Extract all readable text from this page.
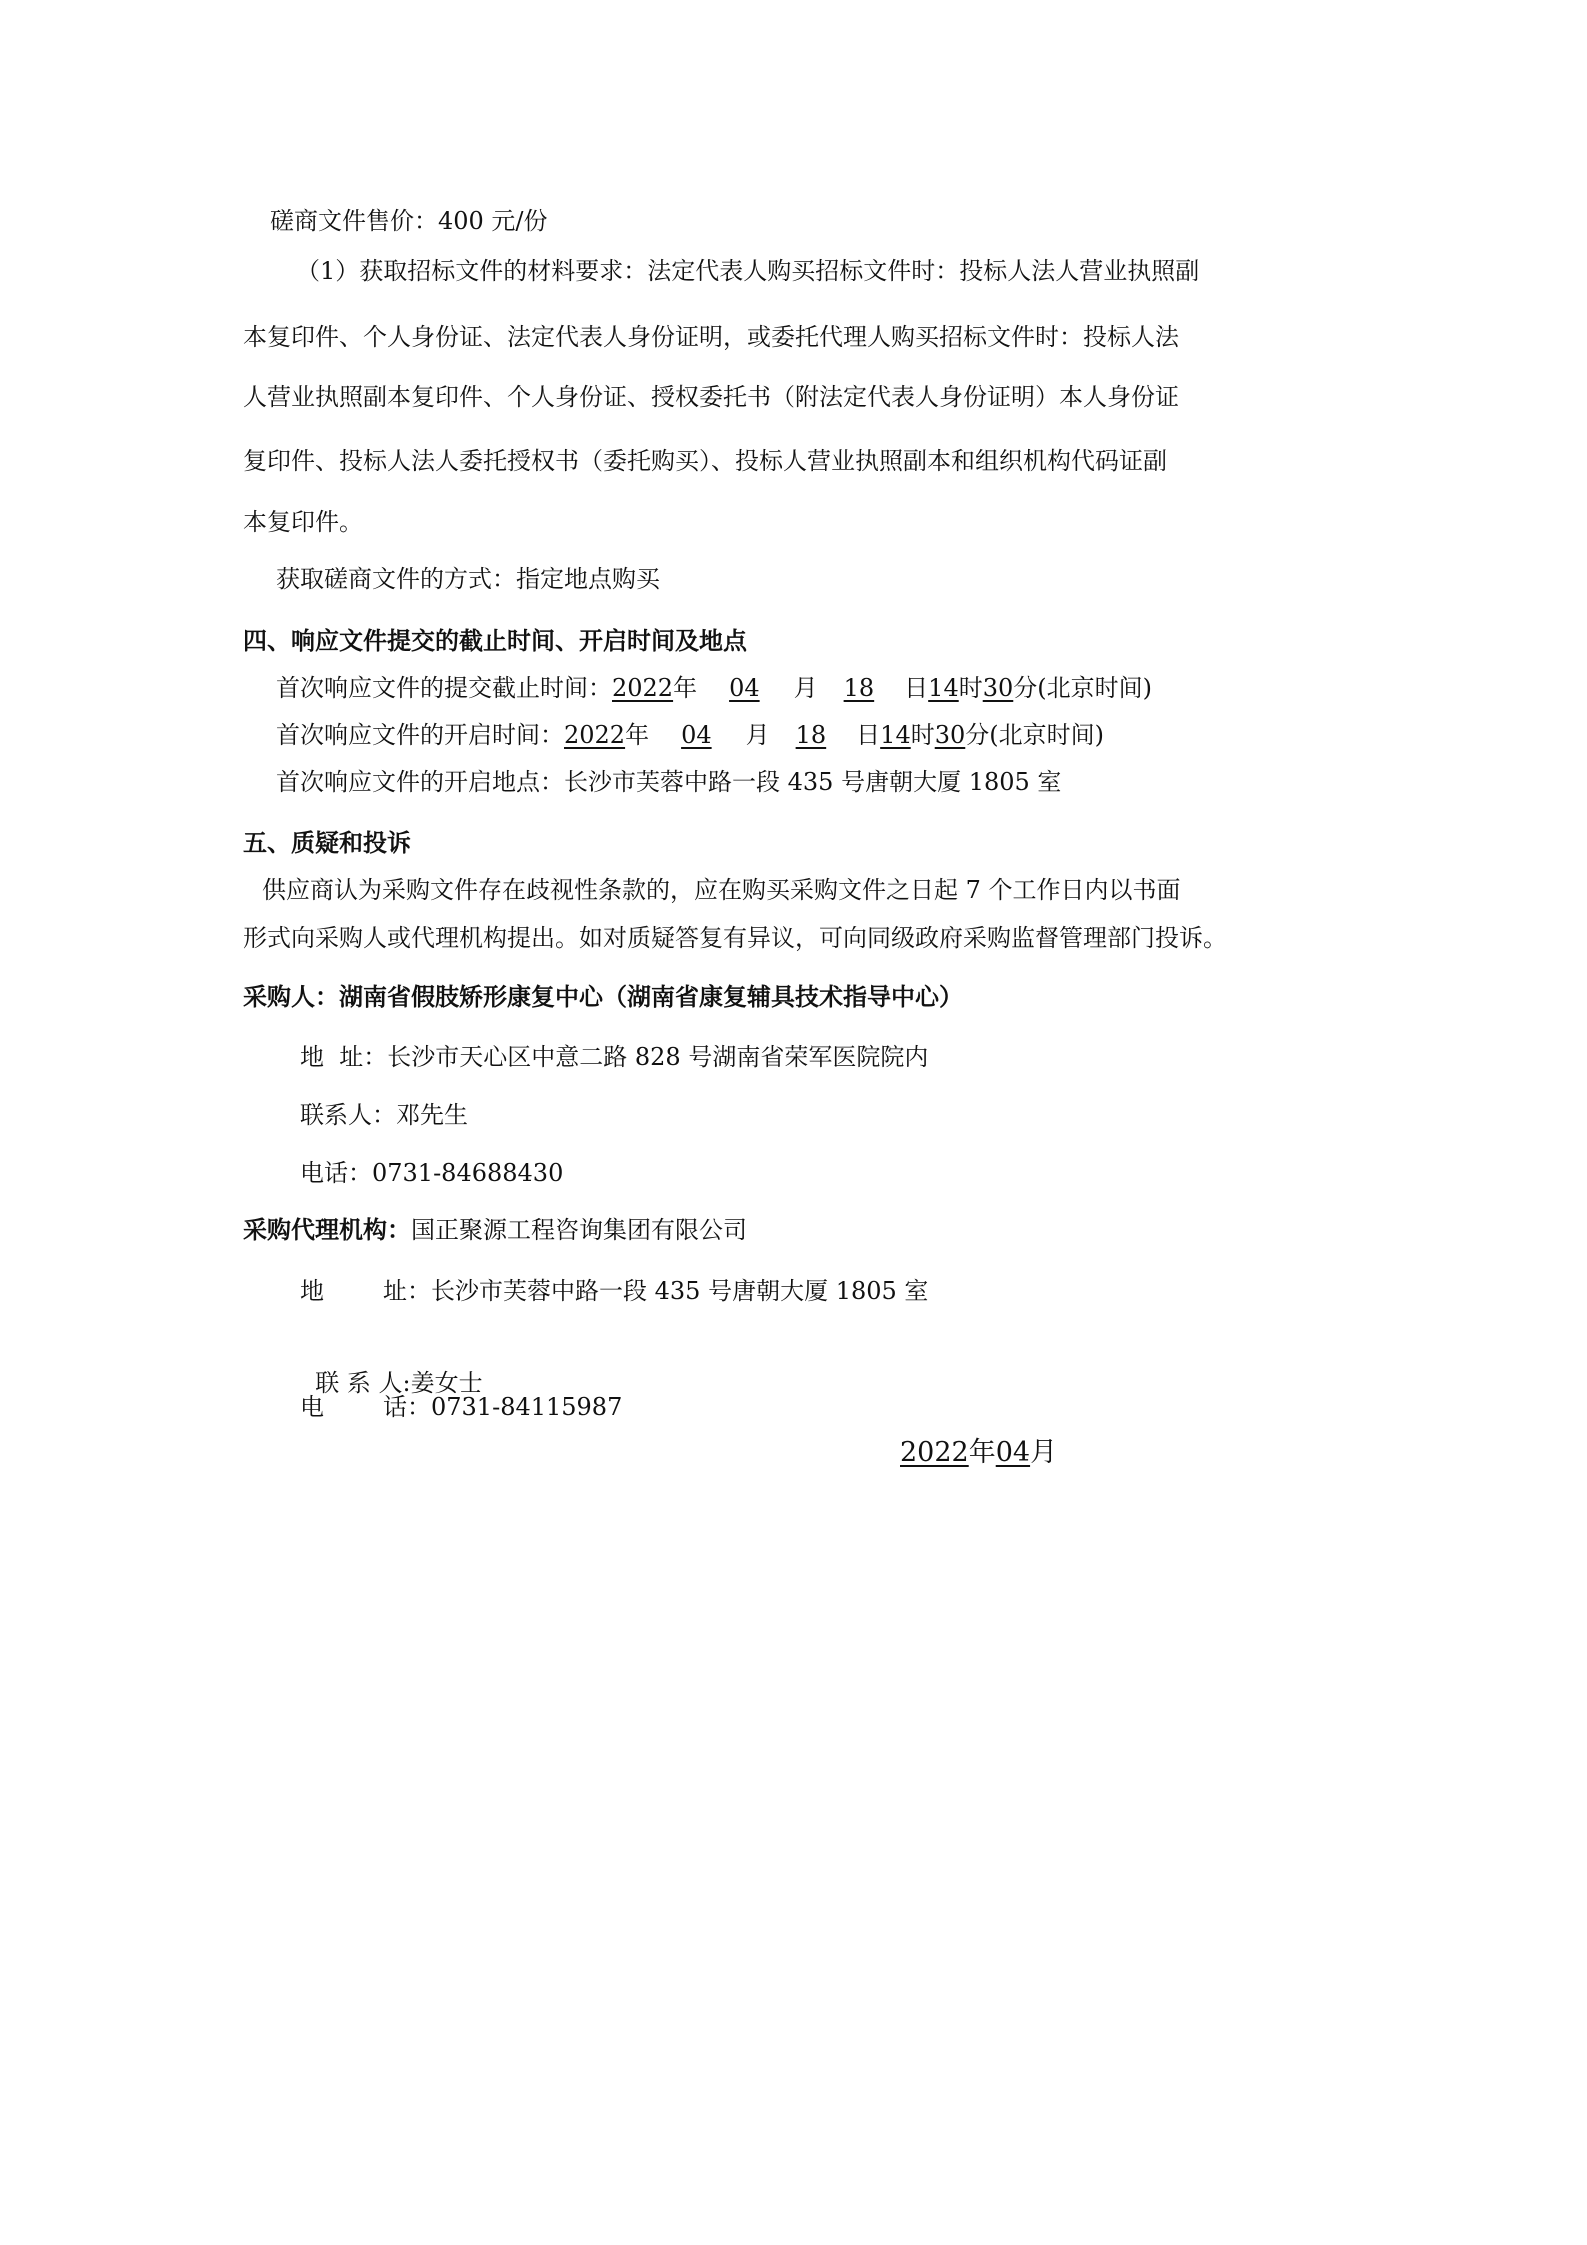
磋商文件售价：400 元/份
（1）获取招标文件的材料要求：法定代表人购买招标文件时：投标人法人营业执照副
本复印件、个人身份证、法定代表人身份证明，或委托代理人购买招标文件时：投标人法
人营业执照副本复印件、个人身份证、授权委托书（附法定代表人身份证明）本人身份证
复印件、投标人法人委托授权书（委托购买）、投标人营业执照副本和组织机构代码证副
本复印件。
获取磋商文件的方式：指定地点购买
四、响应文件提交的截止时间、开启时间及地点
首次响应文件的提交截止时间：2022年 04 月 18 日14时30分(北京时间)
首次响应文件的开启时间：2022年 04 月 18 日14时30分(北京时间)
首次响应文件的开启地点：长沙市芙蓉中路一段 435 号唐朝大厦 1805 室
五、质疑和投诉
供应商认为采购文件存在歧视性条款的，应在购买采购文件之日起 7 个工作日内以书面
形式向采购人或代理机构提出。如对质疑答复有异议，可向同级政府采购监督管理部门投诉。
采购人：湖南省假肢矫形康复中心（湖南省康复辅具技术指导中心）
地  址：长沙市天心区中意二路 828 号湖南省荣军医院院内
联系人：邓先生
电话：0731-84688430
采购代理机构：国正聚源工程咨询集团有限公司
地 址：长沙市芙蓉中路一段 435 号唐朝大厦 1805 室

联 系 人:姜女士

电 话：0731-84115987
2022年04月
